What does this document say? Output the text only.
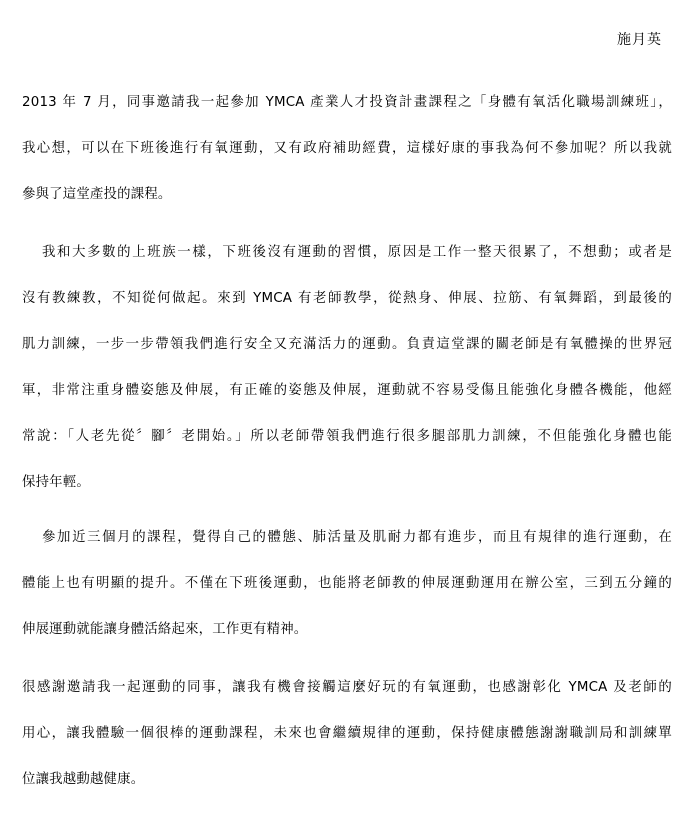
施月英
2013 年 7 月，同事邀請我一起參加 YMCA 產業人才投資計畫課程之「身體有氧活化職場訓練班」，
我心想，可以在下班後進行有氧運動，又有政府補助經費，這樣好康的事我為何不參加呢？所以我就
參與了這堂產投的課程。
我和大多數的上班族一樣，下班後沒有運動的習慣，原因是工作一整天很累了，不想動；或者是
沒有教練教，不知從何做起。來到 YMCA 有老師教學，從熱身、伸展、拉筋、有氧舞蹈，到最後的
肌力訓練，一步一步帶領我們進行安全又充滿活力的運動。負責這堂課的關老師是有氧體操的世界冠
軍，非常注重身體姿態及伸展，有正確的姿態及伸展，運動就不容易受傷且能強化身體各機能，他經
常說：「人老先從〞腳〞老開始。」所以老師帶領我們進行很多腿部肌力訓練，不但能強化身體也能
保持年輕。
參加近三個月的課程，覺得自己的體態、肺活量及肌耐力都有進步，而且有規律的進行運動，在
體能上也有明顯的提升。不僅在下班後運動，也能將老師教的伸展運動運用在辦公室，三到五分鐘的
伸展運動就能讓身體活絡起來，工作更有精神。
很感謝邀請我一起運動的同事，讓我有機會接觸這麼好玩的有氧運動，也感謝彰化 YMCA 及老師的
用心，讓我體驗一個很棒的運動課程，未來也會繼續規律的運動，保持健康體態謝謝職訓局和訓練單
位讓我越動越健康。
